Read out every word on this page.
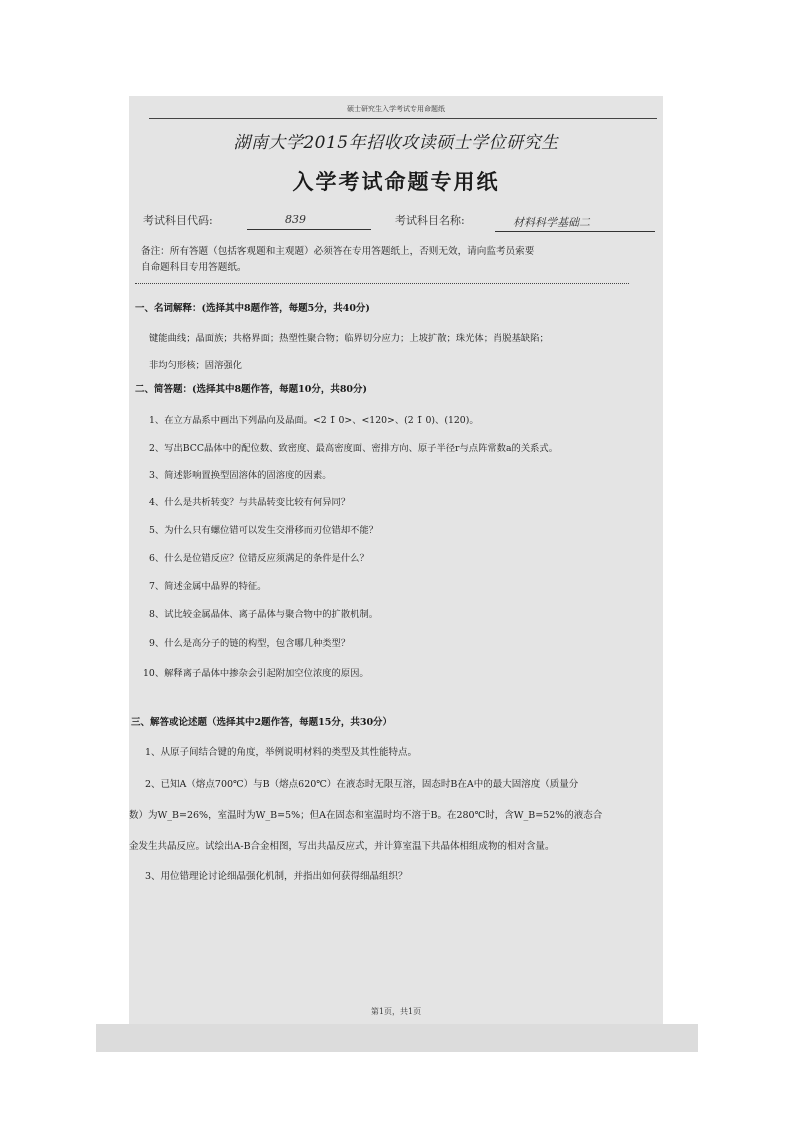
硕士研究生入学考试专用命题纸
湖南大学2015年招收攻读硕士学位研究生
入学考试命题专用纸
考试科目代码:	839	考试科目名称:	材料科学基础二
备注：所有答题（包括客观题和主观题）必须答在专用答题纸上，否则无效，请向监考员索要
自命题科目专用答题纸。
一、名词解释：(选择其中8题作答，每题5分，共40分)
键能曲线；晶面族；共格界面；热塑性聚合物；临界切分应力；上坡扩散；珠光体；肖脱基缺陷；
非均匀形核；固溶强化
二、简答题：(选择其中8题作答，每题10分，共80分)
1、在立方晶系中画出下列晶向及晶面。<2 1̄ 0>、<120>、(2 1̄ 0)、(120)。
2、写出BCC晶体中的配位数、致密度、最高密度面、密排方向、原子半径r与点阵常数a的关系式。
3、简述影响置换型固溶体的固溶度的因素。
4、什么是共析转变？与共晶转变比较有何异同？
5、为什么只有螺位错可以发生交滑移而刃位错却不能？
6、什么是位错反应？位错反应须满足的条件是什么？
7、简述金属中晶界的特征。
8、试比较金属晶体、离子晶体与聚合物中的扩散机制。
9、什么是高分子的链的构型，包含哪几种类型？
10、解释离子晶体中掺杂会引起附加空位浓度的原因。
三、解答或论述题（选择其中2题作答，每题15分，共30分）
1、从原子间结合键的角度，举例说明材料的类型及其性能特点。
2、已知A（熔点700℃）与B（熔点620℃）在液态时无限互溶，固态时B在A中的最大固溶度（质量分
数）为W_B=26%，室温时为W_B=5%；但A在固态和室温时均不溶于B。在280℃时，含W_B=52%的液态合
金发生共晶反应。试绘出A-B合金相图，写出共晶反应式，并计算室温下共晶体相组成物的相对含量。
3、用位错理论讨论细晶强化机制，并指出如何获得细晶组织？
第1页，共1页
